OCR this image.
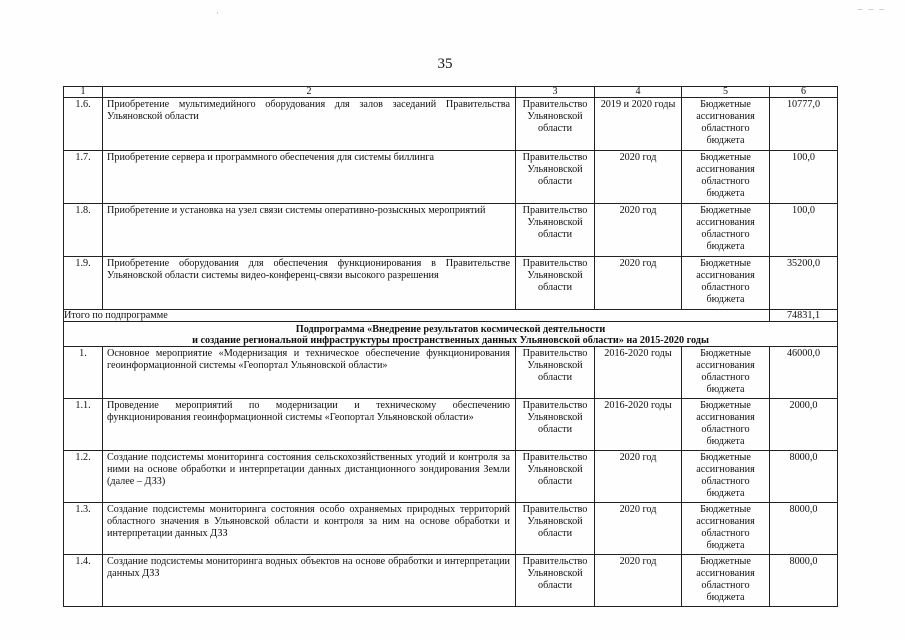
·	– – –
35
1	2	3	4	5	6
1.6.	Приобретение мультимедийного оборудования для залов заседаний Правительства Ульяновской области	Правительство Ульяновской области	2019 и 2020 годы	Бюджетные ассигнования областного бюджета	10777,0
1.7.	Приобретение сервера и программного обеспечения для системы биллинга	Правительство Ульяновской области	2020 год	Бюджетные ассигнования областного бюджета	100,0
1.8.	Приобретение и установка на узел связи системы оперативно-розыскных мероприятий	Правительство Ульяновской области	2020 год	Бюджетные ассигнования областного бюджета	100,0
1.9.	Приобретение оборудования для обеспечения функционирования в Правительстве Ульяновской области системы видео-конференц-связи высокого разрешения	Правительство Ульяновской области	2020 год	Бюджетные ассигнования областного бюджета	35200,0
Итого по подпрограмме					74831,1
Подпрограмма «Внедрение результатов космической деятельности
и создание региональной инфраструктуры пространственных данных Ульяновской области» на 2015-2020 годы					
1.	Основное мероприятие «Модернизация и техническое обеспечение функционирования геоинформационной системы «Геопортал Ульяновской области»	Правительство Ульяновской области	2016-2020 годы	Бюджетные ассигнования областного бюджета	46000,0
1.1.	Проведение мероприятий по модернизации и техническому обеспечению функционирования геоинформационной системы «Геопортал Ульяновской области»	Правительство Ульяновской области	2016-2020 годы	Бюджетные ассигнования областного бюджета	2000,0
1.2.	Создание подсистемы мониторинга состояния сельскохозяйственных угодий и контроля за ними на основе обработки и интерпретации данных дистанционного зондирования Земли (далее – ДЗЗ)	Правительство Ульяновской области	2020 год	Бюджетные ассигнования областного бюджета	8000,0
1.3.	Создание подсистемы мониторинга состояния особо охраняемых природных территорий областного значения в Ульяновской области и контроля за ним на основе обработки и интерпретации данных ДЗЗ	Правительство Ульяновской области	2020 год	Бюджетные ассигнования областного бюджета	8000,0
1.4.	Создание подсистемы мониторинга водных объектов на основе обработки и интерпретации данных ДЗЗ	Правительство Ульяновской области	2020 год	Бюджетные ассигнования областного бюджета	8000,0
